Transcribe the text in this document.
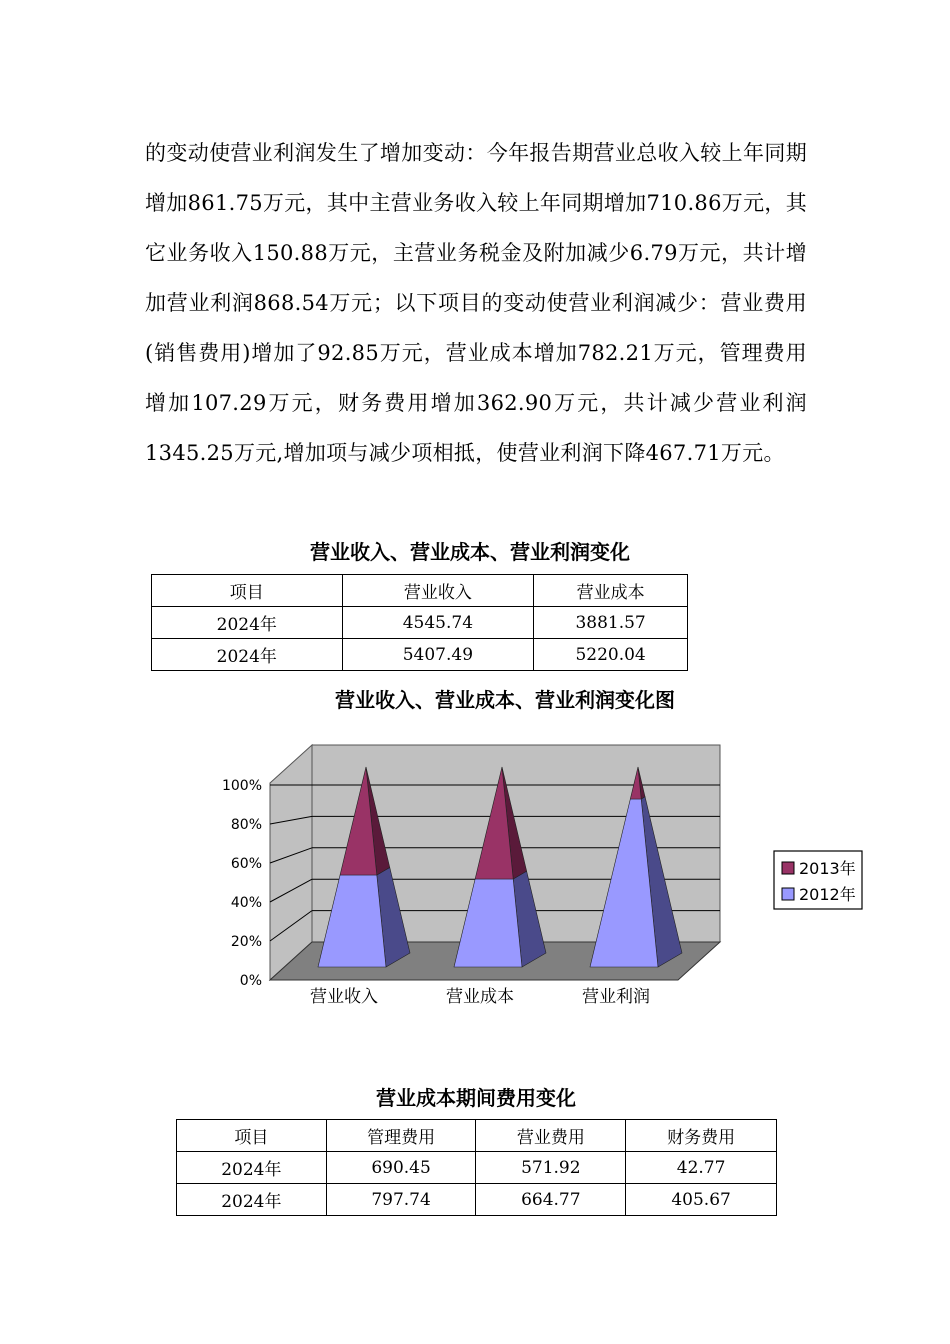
的变动使营业利润发生了增加变动：今年报告期营业总收入较上年同期增加861.75万元，其中主营业务收入较上年同期增加710.86万元，其它业务收入150.88万元，主营业务税金及附加减少6.79万元，共计增加营业利润868.54万元；以下项目的变动使营业利润减少：营业费用(销售费用)增加了92.85万元，营业成本增加782.21万元，管理费用增加107.29万元，财务费用增加362.90万元，共计减少营业利润1345.25万元,增加项与减少项相抵，使营业利润下降467.71万元。

营业收入、营业成本、营业利润变化
项目	营业收入	营业成本
2024年	4545.74	3881.57
2024年	5407.49	5220.04
营业收入、营业成本、营业利润变化图
0%
20%
40%
60%
80%
100%
营业收入	营业成本	营业利润
2013年
2012年
营业成本期间费用变化
项目	管理费用	营业费用	财务费用
2024年	690.45	571.92	42.77
2024年	797.74	664.77	405.67
